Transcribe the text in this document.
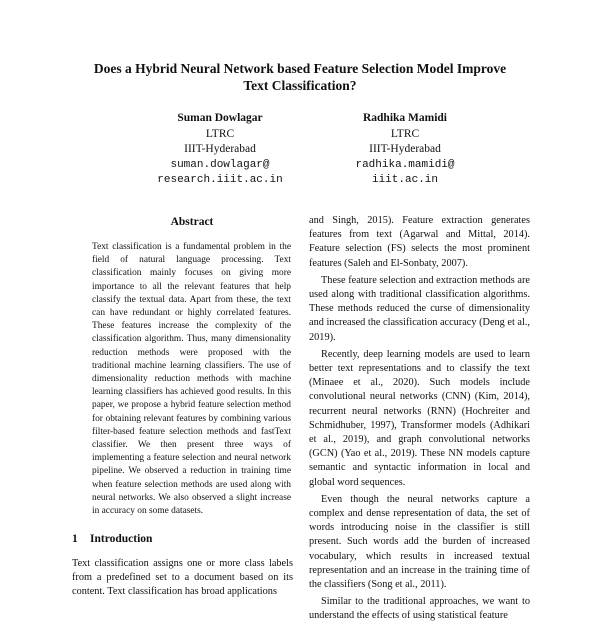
Does a Hybrid Neural Network based Feature Selection Model Improve
Text Classification?
Suman Dowlagar
LTRC
IIIT-Hyderabad
suman.dowlagar@
research.iiit.ac.in
Radhika Mamidi
LTRC
IIIT-Hyderabad
radhika.mamidi@
iiit.ac.in
Abstract

Text classification is a fundamental problem in the field of natural language processing. Text classification mainly focuses on giving more importance to all the relevant features that help classify the textual data. Apart from these, the text can have redundant or highly correlated features. These features increase the complexity of the classification algorithm. Thus, many dimensionality reduction methods were proposed with the traditional machine learning classifiers. The use of dimensionality reduction methods with machine learning classifiers has achieved good results. In this paper, we propose a hybrid feature selection method for obtaining relevant features by combining various filter-based feature selection methods and fastText classifier. We then present three ways of implementing a feature selection and neural network pipeline. We observed a reduction in training time when feature selection methods are used along with neural networks. We also observed a slight increase in accuracy on some datasets.

1 Introduction

Text classification assigns one or more class labels from a predefined set to a document based on its content. Text classification has broad applications

and Singh, 2015). Feature extraction generates features from text (Agarwal and Mittal, 2014). Feature selection (FS) selects the most prominent features (Saleh and El-Sonbaty, 2007).

These feature selection and extraction methods are used along with traditional classification algorithms. These methods reduced the curse of dimensionality and increased the classification accuracy (Deng et al., 2019).

Recently, deep learning models are used to learn better text representations and to classify the text (Minaee et al., 2020). Such models include convolutional neural networks (CNN) (Kim, 2014), recurrent neural networks (RNN) (Hochreiter and Schmidhuber, 1997), Transformer models (Adhikari et al., 2019), and graph convolutional networks (GCN) (Yao et al., 2019). These NN models capture semantic and syntactic information in local and global word sequences.

Even though the neural networks capture a complex and dense representation of data, the set of words introducing noise in the classifier is still present. Such words add the burden of increased vocabulary, which results in increased textual representation and an increase in the training time of the classifiers (Song et al., 2011).

Similar to the traditional approaches, we want to understand the effects of using statistical feature
